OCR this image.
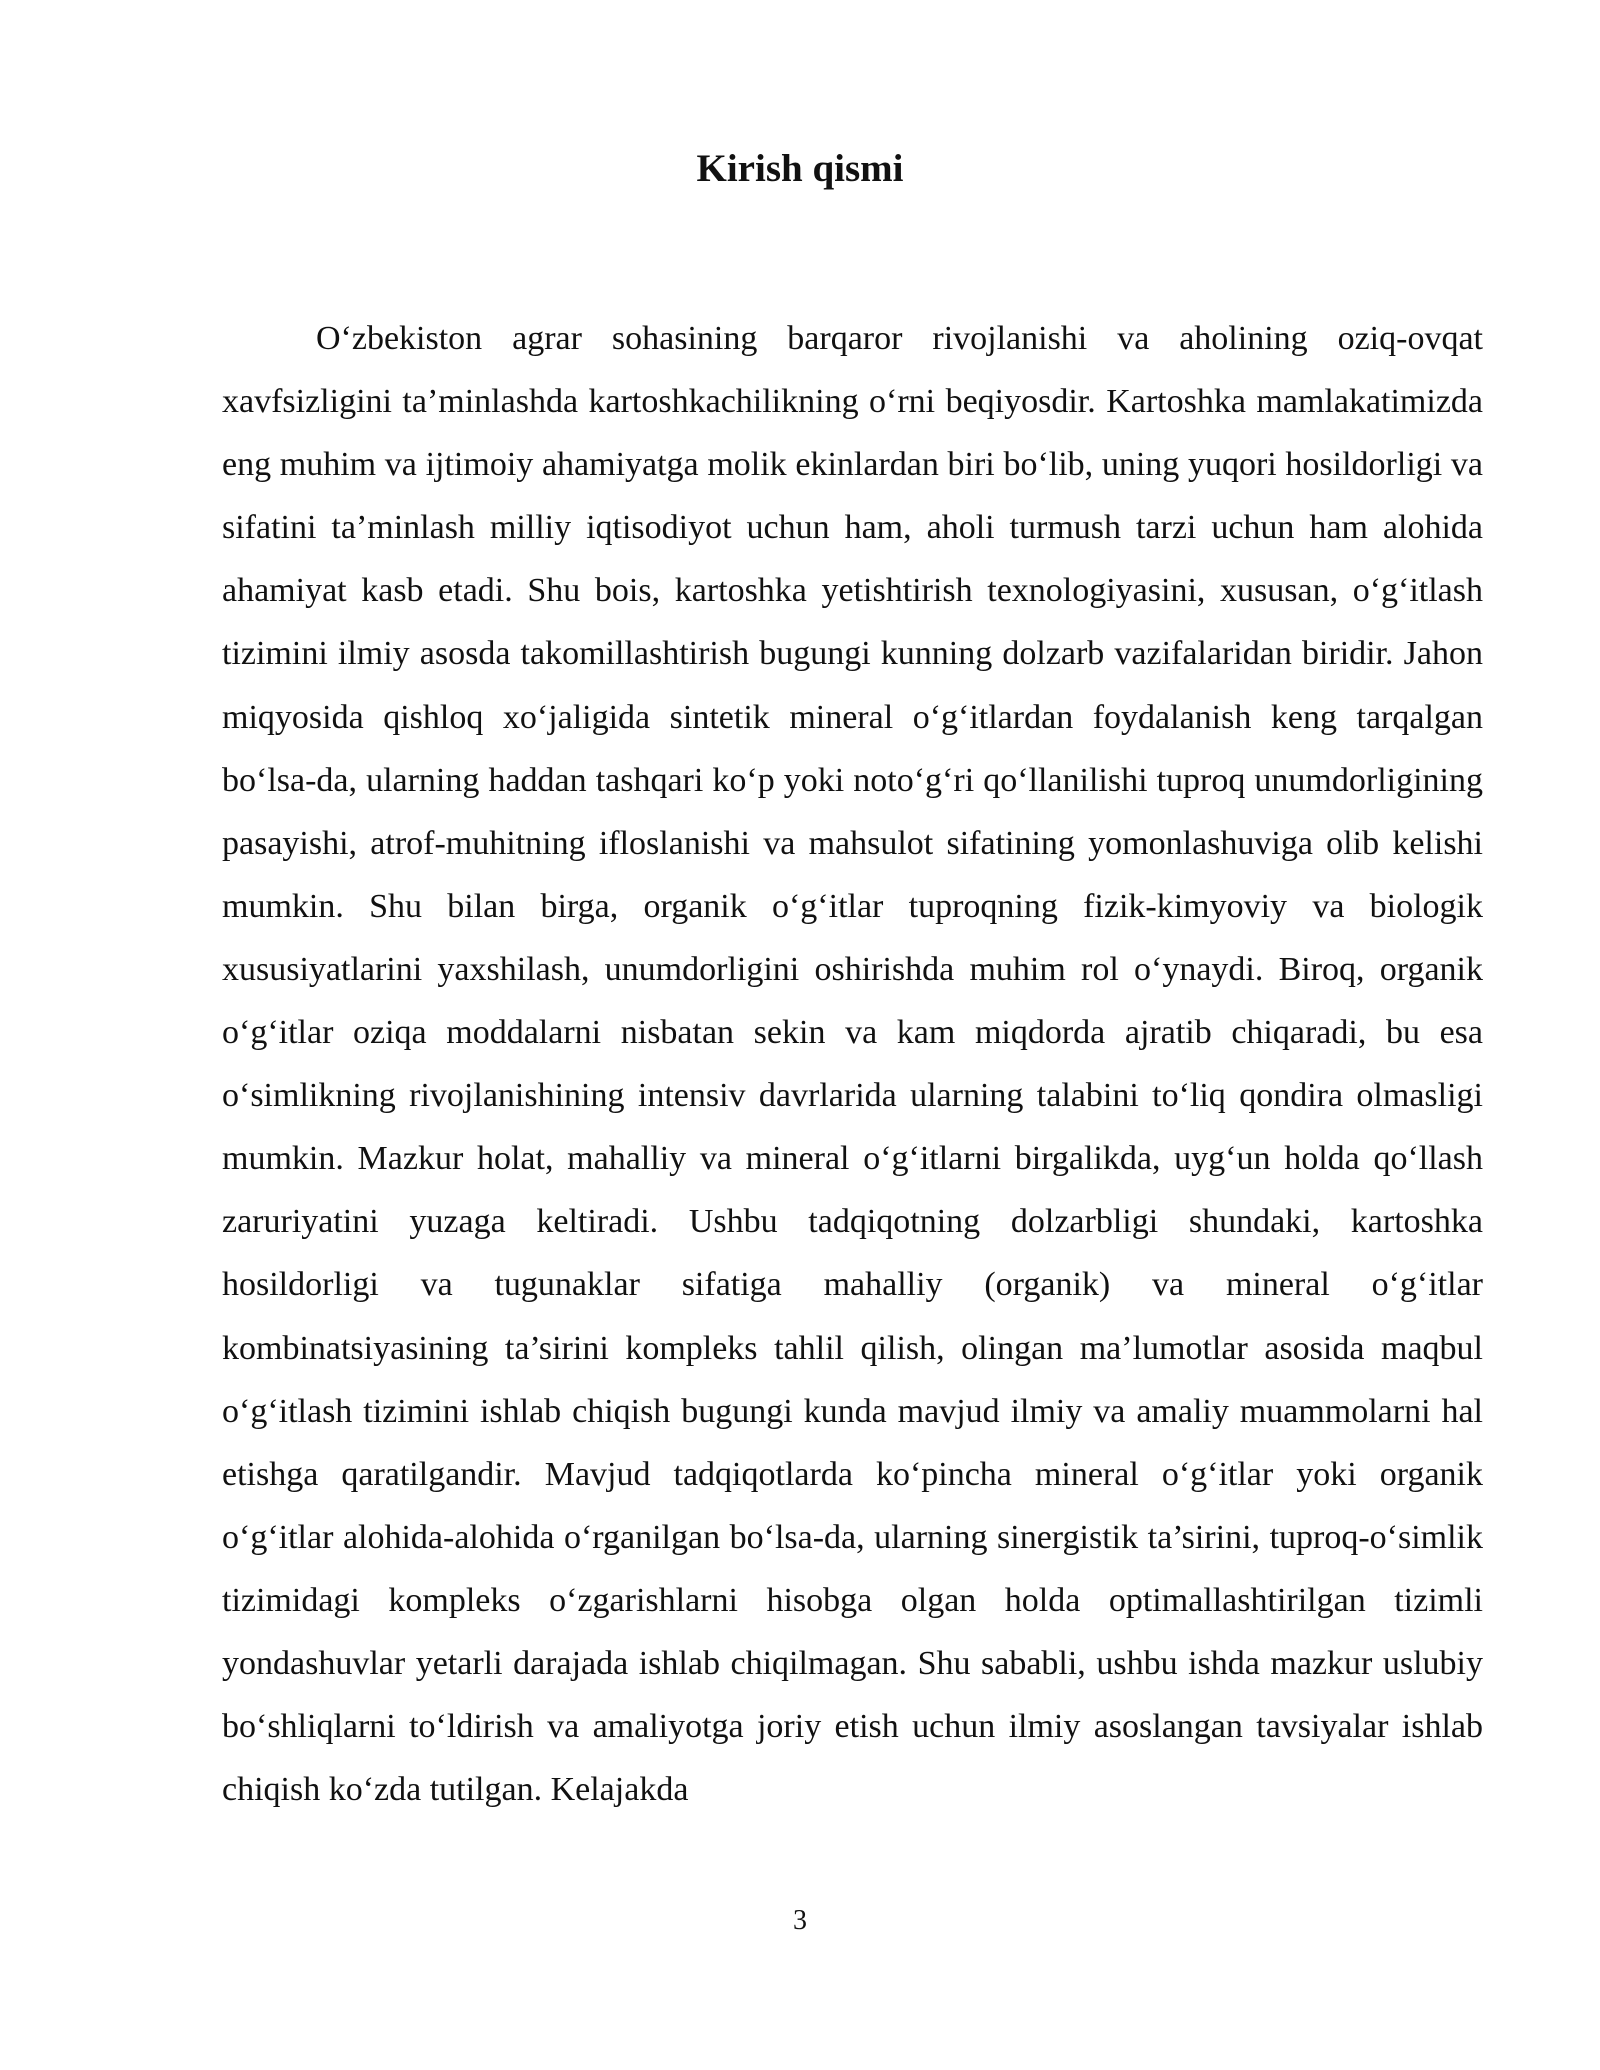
Kirish qismi

O‘zbekiston agrar sohasining barqaror rivojlanishi va aholining oziq-ovqat xavfsizligini ta’minlashda kartoshkachilikning o‘rni beqiyosdir. Kartoshka mamlakatimizda eng muhim va ijtimoiy ahamiyatga molik ekinlardan biri bo‘lib, uning yuqori hosildorligi va sifatini ta’minlash milliy iqtisodiyot uchun ham, aholi turmush tarzi uchun ham alohida ahamiyat kasb etadi. Shu bois, kartoshka yetishtirish texnologiyasini, xususan, o‘g‘itlash tizimini ilmiy asosda takomillashtirish bugungi kunning dolzarb vazifalaridan biridir. Jahon miqyosida qishloq xo‘jaligida sintetik mineral o‘g‘itlardan foydalanish keng tarqalgan bo‘lsa-da, ularning haddan tashqari ko‘p yoki noto‘g‘ri qo‘llanilishi tuproq unumdorligining pasayishi, atrof-muhitning ifloslanishi va mahsulot sifatining yomonlashuviga olib kelishi mumkin. Shu bilan birga, organik o‘g‘itlar tuproqning fizik-kimyoviy va biologik xususiyatlarini yaxshilash, unumdorligini oshirishda muhim rol o‘ynaydi. Biroq, organik o‘g‘itlar oziqa moddalarni nisbatan sekin va kam miqdorda ajratib chiqaradi, bu esa o‘simlikning rivojlanishining intensiv davrlarida ularning talabini to‘liq qondira olmasligi mumkin. Mazkur holat, mahalliy va mineral o‘g‘itlarni birgalikda, uyg‘un holda qo‘llash zaruriyatini yuzaga keltiradi. Ushbu tadqiqotning dolzarbligi shundaki, kartoshka hosildorligi va tugunaklar sifatiga mahalliy (organik) va mineral o‘g‘itlar kombinatsiyasining ta’sirini kompleks tahlil qilish, olingan ma’lumotlar asosida maqbul o‘g‘itlash tizimini ishlab chiqish bugungi kunda mavjud ilmiy va amaliy muammolarni hal etishga qaratilgandir. Mavjud tadqiqotlarda ko‘pincha mineral o‘g‘itlar yoki organik o‘g‘itlar alohida-alohida o‘rganilgan bo‘lsa-da, ularning sinergistik ta’sirini, tuproq-o‘simlik tizimidagi kompleks o‘zgarishlarni hisobga olgan holda optimallashtirilgan tizimli yondashuvlar yetarli darajada ishlab chiqilmagan. Shu sababli, ushbu ishda mazkur uslubiy bo‘shliqlarni to‘ldirish va amaliyotga joriy etish uchun ilmiy asoslangan tavsiyalar ishlab chiqish ko‘zda tutilgan. Kelajakda

3
